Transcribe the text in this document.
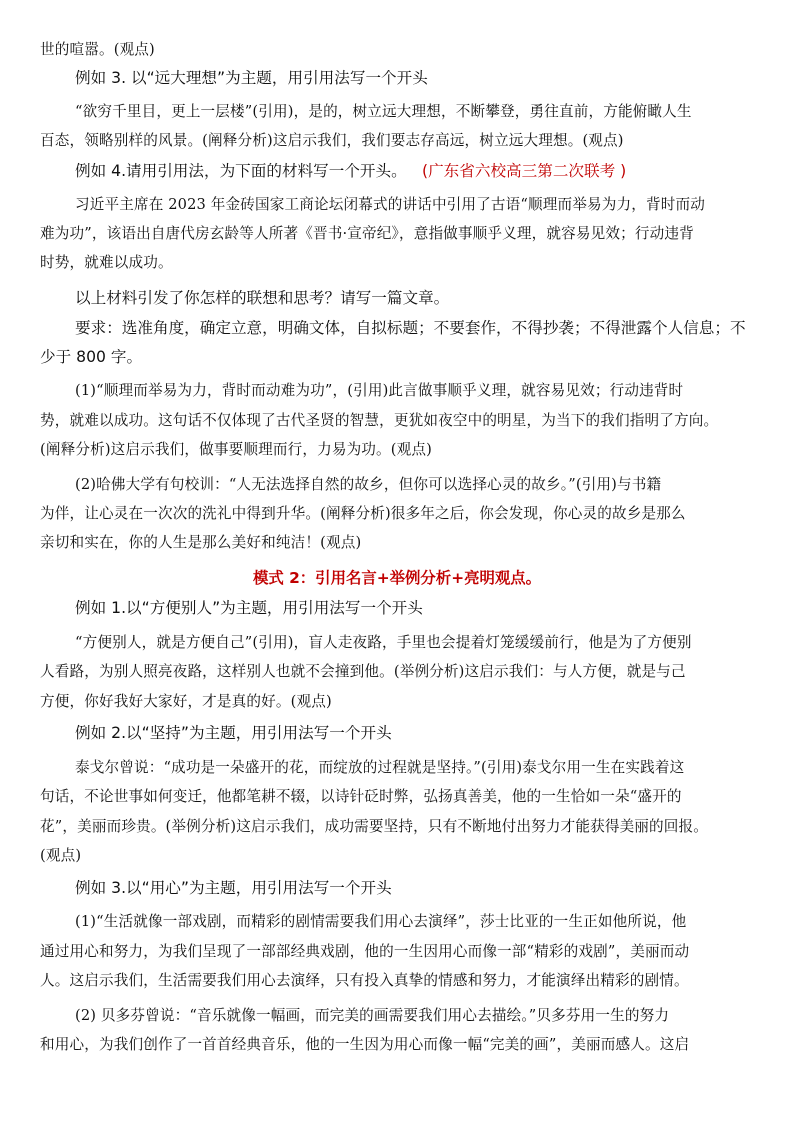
世的喧嚣。(观点)

例如 3. 以“远大理想”为主题，用引用法写一个开头

“欲穷千里目，更上一层楼”(引用)，是的，树立远大理想，不断攀登，勇往直前，方能俯瞰人生

百态，领略别样的风景。(阐释分析)这启示我们，我们要志存高远，树立远大理想。(观点)

例如 4.请用引用法，为下面的材料写一个开头。 (广东省六校高三第二次联考 )

习近平主席在 2023 年金砖国家工商论坛闭幕式的讲话中引用了古语“顺理而举易为力，背时而动

难为功”，该语出自唐代房玄龄等人所著《晋书·宣帝纪》，意指做事顺乎义理，就容易见效；行动违背

时势，就难以成功。

以上材料引发了你怎样的联想和思考？请写一篇文章。

要求：选准角度，确定立意，明确文体，自拟标题；不要套作，不得抄袭；不得泄露个人信息；不

少于 800 字。

(1)“顺理而举易为力，背时而动难为功”，(引用)此言做事顺乎义理，就容易见效；行动违背时

势，就难以成功。这句话不仅体现了古代圣贤的智慧，更犹如夜空中的明星，为当下的我们指明了方向。

(阐释分析)这启示我们，做事要顺理而行，力易为功。(观点)

(2)哈佛大学有句校训：“人无法选择自然的故乡，但你可以选择心灵的故乡。”(引用)与书籍

为伴，让心灵在一次次的洗礼中得到升华。(阐释分析)很多年之后，你会发现，你心灵的故乡是那么

亲切和实在，你的人生是那么美好和纯洁！(观点)

模式 2：引用名言+举例分析+亮明观点。

例如 1.以“方便别人”为主题，用引用法写一个开头

“方便别人，就是方便自己”(引用)，盲人走夜路，手里也会提着灯笼缓缓前行，他是为了方便别

人看路，为别人照亮夜路，这样别人也就不会撞到他。(举例分析)这启示我们：与人方便，就是与己

方便，你好我好大家好，才是真的好。(观点)

例如 2.以“坚持”为主题，用引用法写一个开头

泰戈尔曾说：“成功是一朵盛开的花，而绽放的过程就是坚持。”(引用)泰戈尔用一生在实践着这

句话，不论世事如何变迁，他都笔耕不辍，以诗针砭时弊，弘扬真善美，他的一生恰如一朵“盛开的

花”，美丽而珍贵。(举例分析)这启示我们，成功需要坚持，只有不断地付出努力才能获得美丽的回报。

(观点)

例如 3.以“用心”为主题，用引用法写一个开头

(1)“生活就像一部戏剧，而精彩的剧情需要我们用心去演绎”，莎士比亚的一生正如他所说，他

通过用心和努力，为我们呈现了一部部经典戏剧，他的一生因用心而像一部“精彩的戏剧”，美丽而动

人。这启示我们，生活需要我们用心去演绎，只有投入真挚的情感和努力，才能演绎出精彩的剧情。

(2) 贝多芬曾说：“音乐就像一幅画，而完美的画需要我们用心去描绘。”贝多芬用一生的努力

和用心，为我们创作了一首首经典音乐，他的一生因为用心而像一幅“完美的画”，美丽而感人。这启
